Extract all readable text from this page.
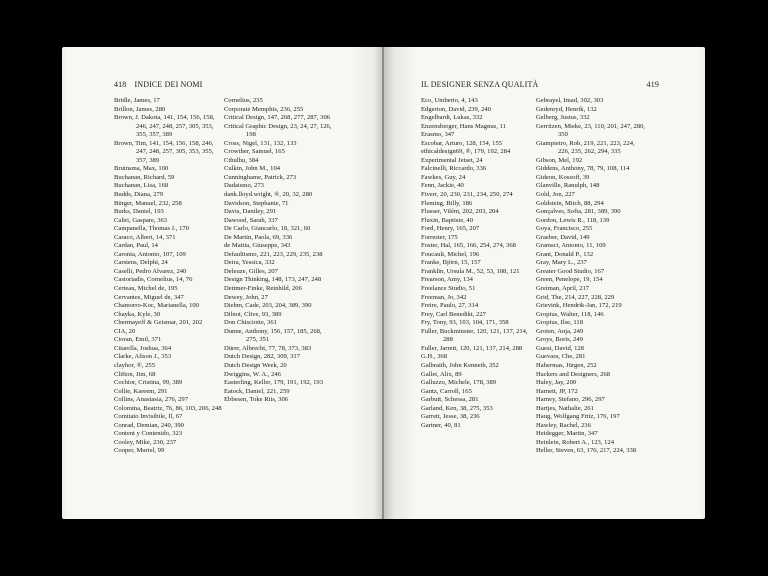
418 INDICE DEI NOMI
Bridle, James, 17
Brillon, James, 280
Brown, J. Dakota, 141, 154, 156, 158, 246, 247, 248, 257, 305, 353, 355, 357, 389
Brown, Tim, 141, 154, 156, 158, 246, 247, 248, 257, 305, 353, 355, 357, 389
Bruinsma, Max, 100
Buchanan, Richard, 59
Buchanan, Lisa, 168
Budds, Diana, 279
Bürger, Manuel, 232, 258
Burks, Daniel, 193
Caliri, Gaspare, 363
Campanella, Thomas J., 170
Caraco, Albert, 14, 371
Cardan, Paul, 14
Caronia, Antonio, 107, 109
Carstens, Delphi, 24
Caselli, Pedro Alvarez, 240
Castoriadis, Cornelius, 14, 76
Certeau, Michel de, 195
Cervantes, Miguel de, 347
Chamorro-Koc, Marianella, 100
Chayka, Kyle, 30
Chermayeff & Geismar, 201, 202
CIA, 20
Cioran, Emil, 371
Citarella, Joshua, 364
Clarke, Alison J., 353
clayhor, ®, 255
Clifton, Jim, 68
Cochior, Cristina, 99, 389
Collie, Kareem, 291
Collins, Anastasia, 276, 297
Colomina, Beatriz, 76, 86, 103, 206, 248
Comitato Invisibile, Il, 67
Conrad, Demian, 240, 390
Content y Contenido, 323
Cooley, Mike, 230, 237
Cooper, Muriel, 99
Cornelius, 235
Corporate Memphis, 236, 255
Critical Design, 147, 268, 277, 287, 306
Critical Graphic Design, 23, 24, 27, 126, 198
Cross, Nigel, 131, 132, 133
Crowther, Samuel, 165
Cthulhu, 384
Culkin, John M., 104
Cunninghame, Patrick, 273
Dadaismo, 273
dank.lloyd.wright, ®, 20, 32, 280
Davidson, Stephanie, 71
Davis, Dantley, 291
Dawood, Sarah, 337
De Carlo, Giancarlo, 18, 321, 60
De Martin, Paola, 69, 336
de Mattia, Giuseppe, 343
Defaultismo, 221, 223, 229, 235, 238
Deira, Yessica, 332
Deleuze, Gilles, 207
Design Thinking, 148, 173, 247, 248
Dettmer-Finke, Reinhild, 206
Dewey, John, 27
Diehm, Cade, 203, 204, 389, 390
Dilnot, Clive, 93, 389
Don Chisciotte, 361
Dunne, Anthony, 156, 157, 185, 268, 275, 351
Dürer, Albrecht, 77, 78, 373, 383
Dutch Design, 282, 309, 317
Dutch Design Week, 20
Dwiggins, W. A., 246
Easterling, Keller, 179, 191, 192, 193
Eatock, Daniel, 221, 259
Ebbesen, Toke Riis, 306
IL DESIGNER SENZA QUALITÀ	419
Eco, Umberto, 4, 143
Edgerton, David, 239, 240
Engelbardt, Lukas, 332
Enzensberger, Hans Magnus, 11
Erasmo, 347
Escobar, Arturo, 128, 154, 155
ethicaldesign69, ®, 179, 192, 284
Experimental Jetset, 24
Falcinelli, Riccardo, 336
Fawkes, Guy, 24
Fenn, Jackie, 40
Fiverr, 20, 230, 231, 234, 250, 274
Fleming, Billy, 186
Flusser, Vilém, 202, 203, 204
Fluxin, Baptiste, 40
Ford, Henry, 165, 207
Forrester, 175
Foster, Hal, 165, 166, 254, 274, 368
Foucault, Michel, 196
Franke, Björn, 15, 157
Franklin, Ursula M., 52, 53, 108, 121
Frearson, Amy, 134
Freelance Studio, 51
Freeman, Jo, 342
Freire, Paulo, 27, 314
Frey, Carl Benedikt, 227
Fry, Tony, 93, 103, 104, 171, 358
Fuller, Buckminster, 120, 121, 137, 214, 288
Fuller, Jarrett, 120, 121, 137, 214, 288
G.H., 368
Galbraith, John Kenneth, 352
Gallet, Alix, 89
Galluzzo, Michele, 178, 389
Gantz, Carroll, 165
Garbutt, Schessa, 281
Garland, Ken, 38, 275, 353
Garrett, Jesse, 38, 236
Gartner, 40, 81
Gebrayel, Imad, 302, 303
Gedenryd, Henrik, 132
Gelberg, Justus, 332
Gerritzen, Mieke, 23, 110, 201, 247, 280, 350
Giampietro, Rob, 219, 221, 223, 224, 226, 235, 262, 294, 335
Gibson, Mel, 192
Giddens, Anthony, 78, 79, 108, 114
Gideon, Kossoff, 39
Glanville, Ranulph, 148
Gold, Jon, 227
Goldstein, Mitch, 88, 294
Gonçalves, Sofia, 281, 389, 390
Gordon, Lewis R., 118, 139
Goya, Francisco, 255
Graeber, David, 149
Gramsci, Antonio, 11, 109
Grant, Donald P., 132
Gray, Mary L., 237
Greater Good Studio, 167
Green, Penelope, 19, 154
Greiman, April, 217
Grid, The, 214, 227, 228, 229
Grievink, Hendrik-Jan, 172, 219
Gropius, Walter, 118, 146
Gropius, Ilse, 118
Groten, Anja, 249
Groys, Boris, 249
Guest, David, 128
Guevara, Che, 281
Habermas, Jürgen, 252
Hackers and Designers, 268
Haley, Jay, 200
Harnett, JP, 172
Harney, Stefano, 296, 297
Hartjes, Nathalie, 261
Haug, Wolfgang Fritz, 176, 197
Hawley, Rachel, 236
Heidegger, Martin, 347
Heinlein, Robert A., 123, 124
Heller, Steven, 63, 176, 217, 224, 338
